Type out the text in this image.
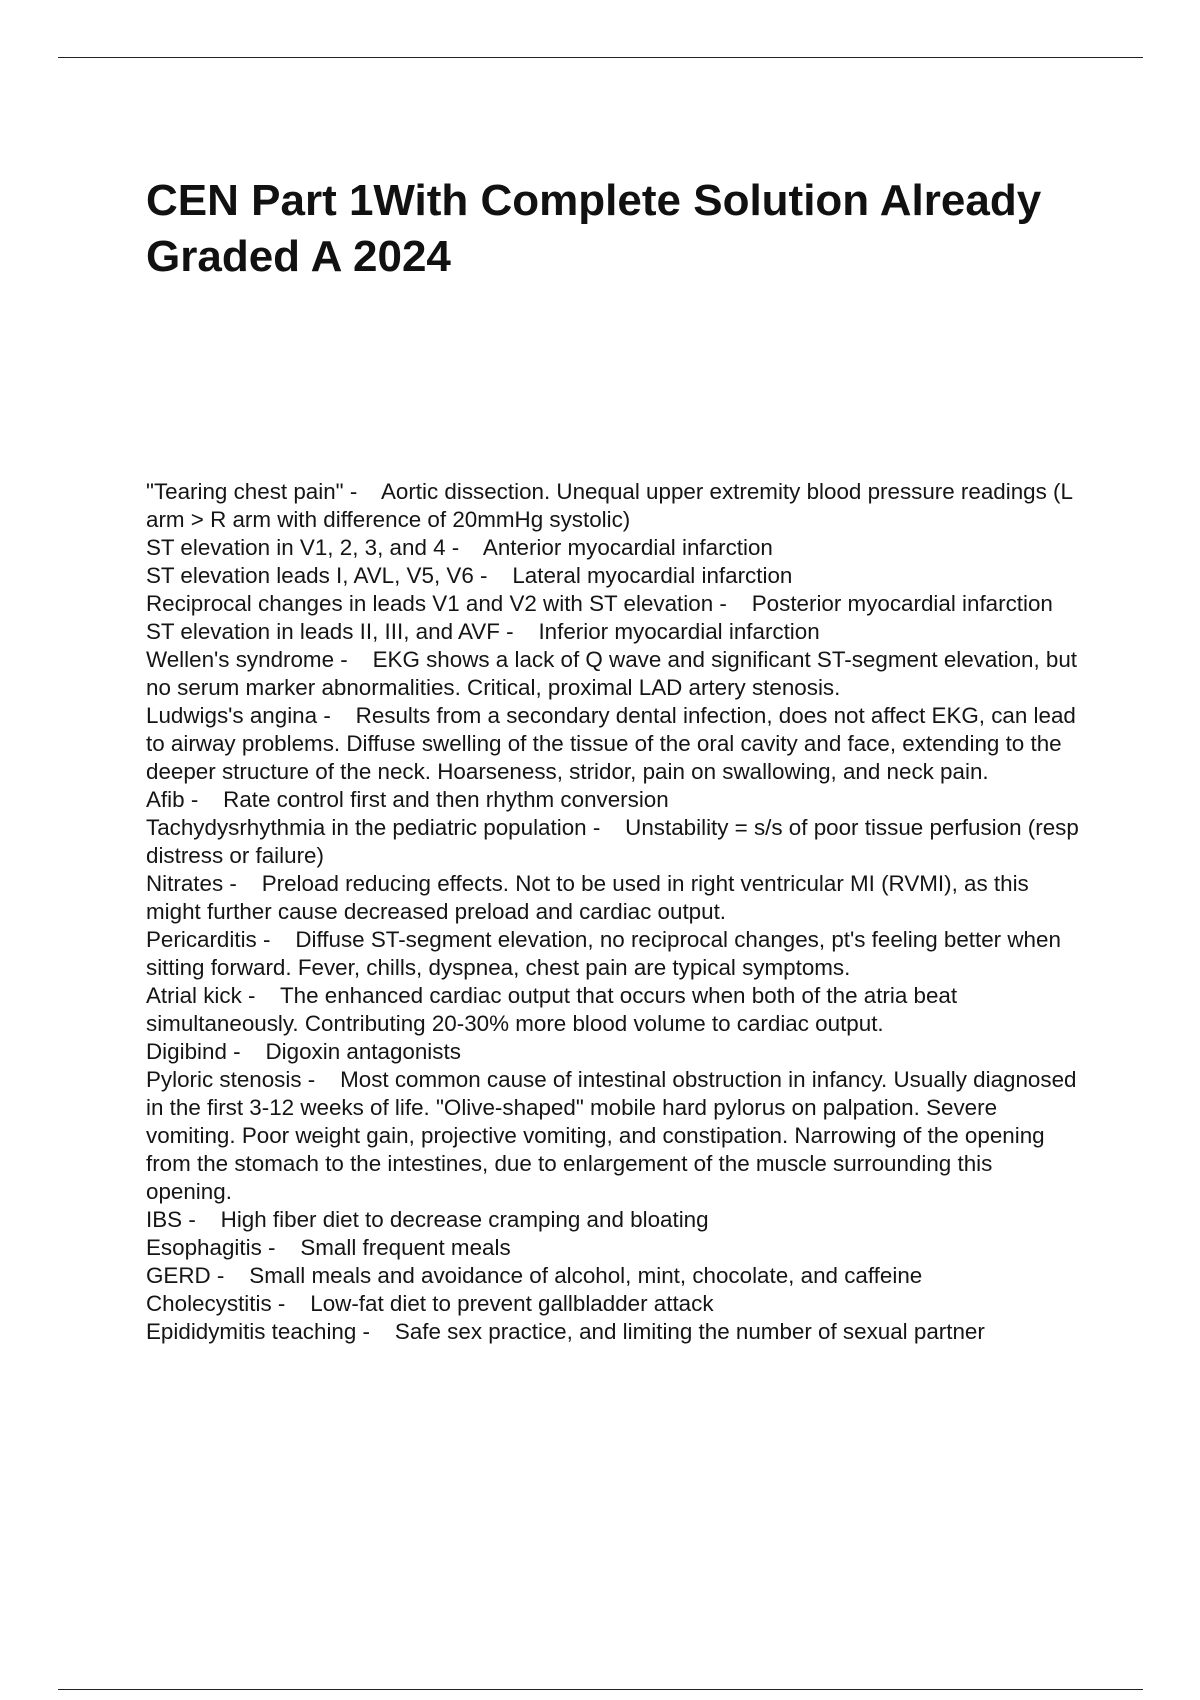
CEN Part 1With Complete Solution Already Graded A 2024
"Tearing chest pain" -    Aortic dissection. Unequal upper extremity blood pressure readings (L arm > R arm with difference of 20mmHg systolic)
ST elevation in V1, 2, 3, and 4 -    Anterior myocardial infarction
ST elevation leads I, AVL, V5, V6 -    Lateral myocardial infarction
Reciprocal changes in leads V1 and V2 with ST elevation -    Posterior myocardial infarction
ST elevation in leads II, III, and AVF -    Inferior myocardial infarction
Wellen's syndrome -    EKG shows a lack of Q wave and significant ST-segment elevation, but no serum marker abnormalities. Critical, proximal LAD artery stenosis.
Ludwigs's angina -    Results from a secondary dental infection, does not affect EKG, can lead to airway problems. Diffuse swelling of the tissue of the oral cavity and face, extending to the deeper structure of the neck. Hoarseness, stridor, pain on swallowing, and neck pain.
Afib -    Rate control first and then rhythm conversion
Tachydysrhythmia in the pediatric population -    Unstability = s/s of poor tissue perfusion (resp distress or failure)
Nitrates -    Preload reducing effects. Not to be used in right ventricular MI (RVMI), as this might further cause decreased preload and cardiac output.
Pericarditis -    Diffuse ST-segment elevation, no reciprocal changes, pt's feeling better when sitting forward. Fever, chills, dyspnea, chest pain are typical symptoms.
Atrial kick -    The enhanced cardiac output that occurs when both of the atria beat simultaneously. Contributing 20-30% more blood volume to cardiac output.
Digibind -    Digoxin antagonists
Pyloric stenosis -    Most common cause of intestinal obstruction in infancy. Usually diagnosed in the first 3-12 weeks of life. "Olive-shaped" mobile hard pylorus on palpation. Severe vomiting. Poor weight gain, projective vomiting, and constipation. Narrowing of the opening from the stomach to the intestines, due to enlargement of the muscle surrounding this opening.
IBS -    High fiber diet to decrease cramping and bloating
Esophagitis -    Small frequent meals
GERD -    Small meals and avoidance of alcohol, mint, chocolate, and caffeine
Cholecystitis -    Low-fat diet to prevent gallbladder attack
Epididymitis teaching -    Safe sex practice, and limiting the number of sexual partner
